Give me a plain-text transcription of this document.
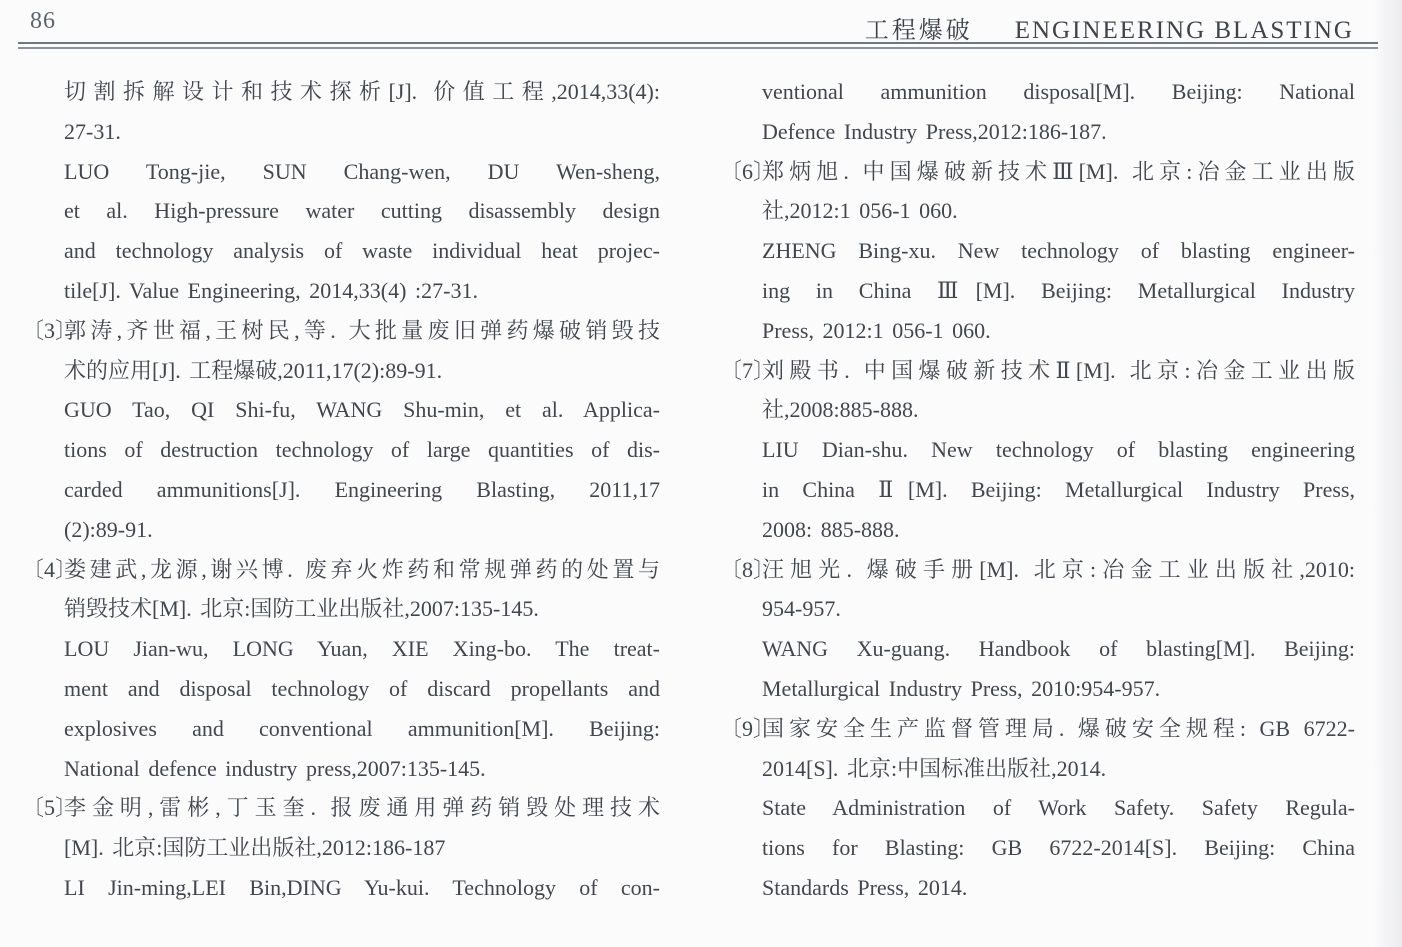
86	工程爆破 ENGINEERING BLASTING
切割拆解设计和技术探析[J]. 价值工程,2014,33(4):
27-31.
LUO Tong-jie, SUN Chang-wen, DU Wen-sheng,
et al. High-pressure water cutting disassembly design
and technology analysis of waste individual heat projec-
tile[J]. Value Engineering, 2014,33(4) :27-31.
〔3〕
郭涛,齐世福,王树民,等. 大批量废旧弹药爆破销毁技
术的应用[J]. 工程爆破,2011,17(2):89-91.
GUO Tao, QI Shi-fu, WANG Shu-min, et al. Applica-
tions of destruction technology of large quantities of dis-
carded ammunitions[J]. Engineering Blasting, 2011,17
(2):89-91.
〔4〕
娄建武,龙源,谢兴博. 废弃火炸药和常规弹药的处置与
销毁技术[M]. 北京:国防工业出版社,2007:135-145.
LOU Jian-wu, LONG Yuan, XIE Xing-bo. The treat-
ment and disposal technology of discard propellants and
explosives and conventional ammunition[M]. Beijing:
National defence industry press,2007:135-145.
〔5〕
李金明,雷彬,丁玉奎. 报废通用弹药销毁处理技术
[M]. 北京:国防工业出版社,2012:186-187
LI Jin-ming,LEI Bin,DING Yu-kui. Technology of con-
ventional ammunition disposal[M]. Beijing: National
Defence Industry Press,2012:186-187.
〔6〕
郑炳旭. 中国爆破新技术Ⅲ[M]. 北京:冶金工业出版
社,2012:1 056-1 060.
ZHENG Bing-xu. New technology of blasting engineer-
ing in China Ⅲ[M]. Beijing: Metallurgical Industry
Press, 2012:1 056-1 060.
〔7〕
刘殿书. 中国爆破新技术Ⅱ[M]. 北京:冶金工业出版
社,2008:885-888.
LIU Dian-shu. New technology of blasting engineering
in China Ⅱ[M]. Beijing: Metallurgical Industry Press,
2008: 885-888.
〔8〕
汪旭光. 爆破手册[M]. 北京:冶金工业出版社,2010:
954-957.
WANG Xu-guang. Handbook of blasting[M]. Beijing:
Metallurgical Industry Press, 2010:954-957.
〔9〕
国家安全生产监督管理局. 爆破安全规程: GB 6722-
2014[S]. 北京:中国标准出版社,2014.
State Administration of Work Safety. Safety Regula-
tions for Blasting: GB 6722-2014[S]. Beijing: China
Standards Press, 2014.
